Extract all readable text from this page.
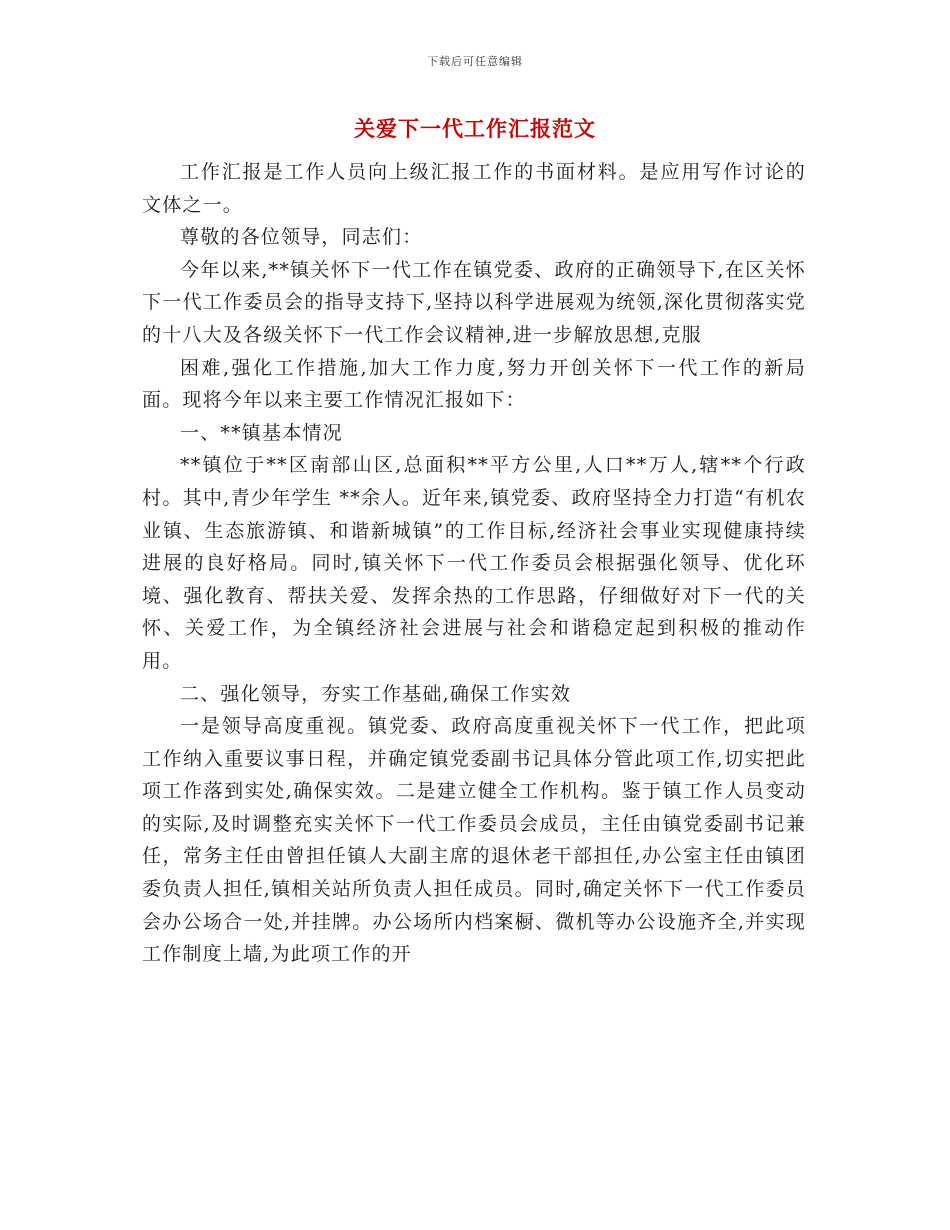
下载后可任意编辑
关爱下一代工作汇报范文

工作汇报是工作人员向上级汇报工作的书面材料。是应用写作讨论的文体之一。

尊敬的各位领导，同志们：

今年以来,**镇关怀下一代工作在镇党委、政府的正确领导下,在区关怀下一代工作委员会的指导支持下,坚持以科学进展观为统领,深化贯彻落实党的十八大及各级关怀下一代工作会议精神,进一步解放思想,克服

困难,强化工作措施,加大工作力度,努力开创关怀下一代工作的新局面。现将今年以来主要工作情况汇报如下：

一、**镇基本情况

**镇位于**区南部山区,总面积**平方公里,人口**万人,辖**个行政村。其中,青少年学生 **余人。近年来,镇党委、政府坚持全力打造“有机农业镇、生态旅游镇、和谐新城镇”的工作目标,经济社会事业实现健康持续进展的良好格局。同时,镇关怀下一代工作委员会根据强化领导、优化环境、强化教育、帮扶关爱、发挥余热的工作思路，仔细做好对下一代的关怀、关爱工作，为全镇经济社会进展与社会和谐稳定起到积极的推动作用。

二、强化领导，夯实工作基础,确保工作实效

一是领导高度重视。镇党委、政府高度重视关怀下一代工作，把此项工作纳入重要议事日程，并确定镇党委副书记具体分管此项工作,切实把此项工作落到实处,确保实效。二是建立健全工作机构。鉴于镇工作人员变动的实际,及时调整充实关怀下一代工作委员会成员，主任由镇党委副书记兼任，常务主任由曾担任镇人大副主席的退休老干部担任,办公室主任由镇团委负责人担任,镇相关站所负责人担任成员。同时,确定关怀下一代工作委员会办公场合一处,并挂牌。办公场所内档案橱、微机等办公设施齐全,并实现工作制度上墙,为此项工作的开
